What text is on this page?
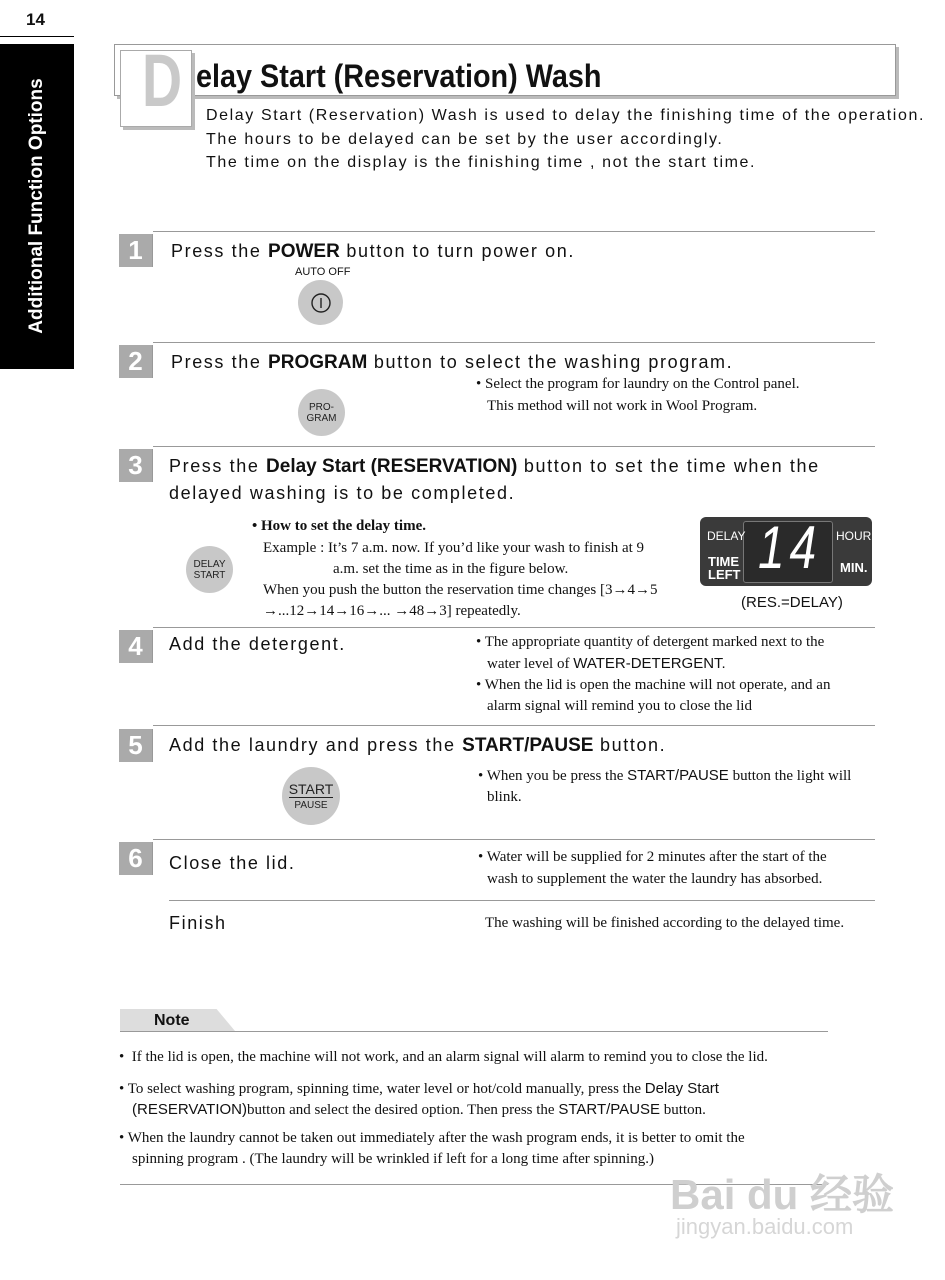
14
Additional Function Options D elay Start (Reservation) Wash
Delay Start (Reservation) Wash is used to delay the finishing time of the operation.
The hours to be delayed can be set by the user accordingly.
The time on the display is the finishing time , not the start time.
1	Press the POWER button to turn power on.
AUTO OFF
2	Press the PROGRAM button to select the washing program.
• Select the program for laundry on the Control panel.
This method will not work in Wool Program.
PRO-
GRAM
3	Press the Delay Start (RESERVATION) button to set the time when the
delayed washing is to be completed.
DELAY
START
• How to set the delay time.
Example : It’s 7 a.m. now. If you’d like your wash to finish at 9
a.m. set the time as in the figure below.
When you push the button the reservation time changes [3→4→5
→...12→14→16→... →48→3] repeatedly.
DELAY	HOUR
TIME
LEFT	MIN.
14
(RES.=DELAY)
4	Add the detergent.	• The appropriate quantity of detergent marked next to the
water level of WATER-DETERGENT.
• When the lid is open the machine will not operate, and an
alarm signal will remind you to close the lid
5	Add the laundry and press the START/PAUSE button.
START
PAUSE
• When you be press the START/PAUSE button the light will
blink.
6	Close the lid.	• Water will be supplied for 2 minutes after the start of the
wash to supplement the water the laundry has absorbed.
Finish	The washing will be finished according to the delayed time.
Note
•  If the lid is open, the machine will not work, and an alarm signal will alarm to remind you to close the lid.
• To select washing program, spinning time, water level or hot/cold manually, press the Delay Start
(RESERVATION)button and select the desired option. Then press the START/PAUSE button.
• When the laundry cannot be taken out immediately after the wash program ends, it is better to omit the
spinning program . (The laundry will be wrinkled if left for a long time after spinning.)
Bai du 经验
jingyan.baidu.com
